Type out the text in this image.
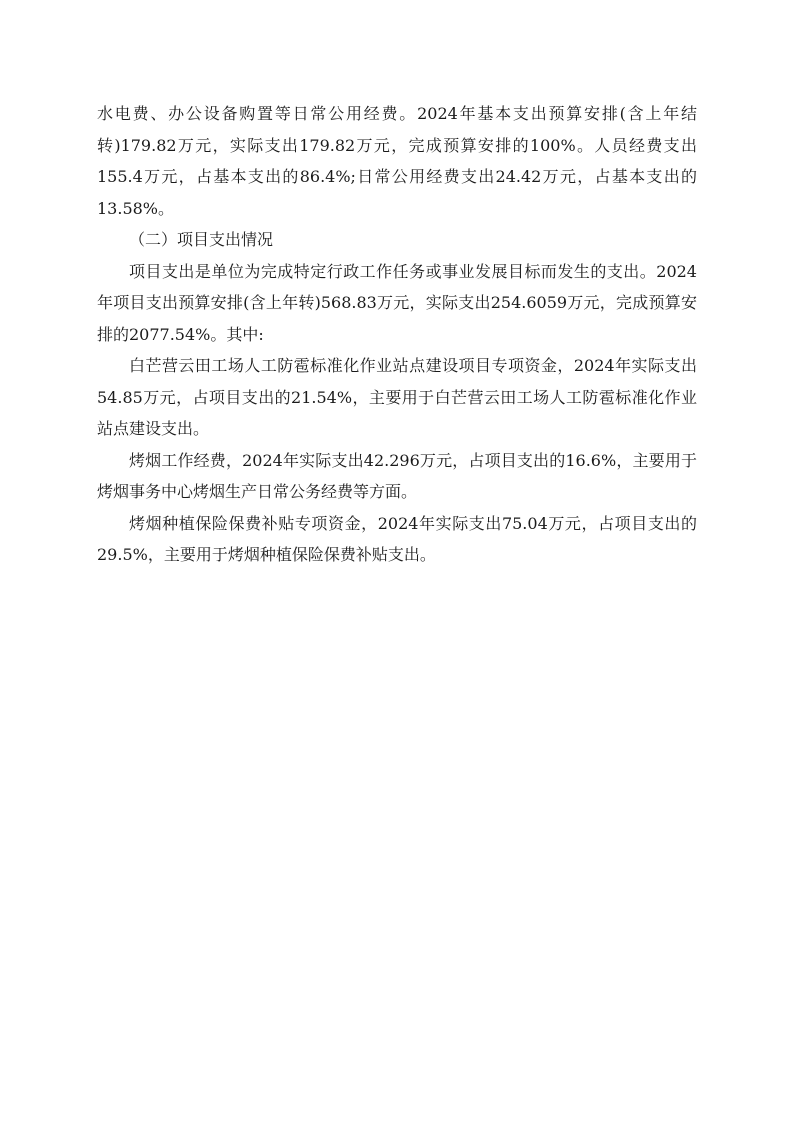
水电费、办公设备购置等日常公用经费。2024年基本支出预算安排(含上年结转)179.82万元，实际支出179.82万元，完成预算安排的100%。人员经费支出155.4万元，占基本支出的86.4%;日常公用经费支出24.42万元，占基本支出的13.58%。

（二）项目支出情况

项目支出是单位为完成特定行政工作任务或事业发展目标而发生的支出。2024年项目支出预算安排(含上年转)568.83万元，实际支出254.6059万元，完成预算安排的2077.54%。其中:

白芒营云田工场人工防雹标准化作业站点建设项目专项资金，2024年实际支出54.85万元，占项目支出的21.54%，主要用于白芒营云田工场人工防雹标准化作业站点建设支出。

烤烟工作经费，2024年实际支出42.296万元，占项目支出的16.6%，主要用于烤烟事务中心烤烟生产日常公务经费等方面。

烤烟种植保险保费补贴专项资金，2024年实际支出75.04万元，占项目支出的29.5%，主要用于烤烟种植保险保费补贴支出。
